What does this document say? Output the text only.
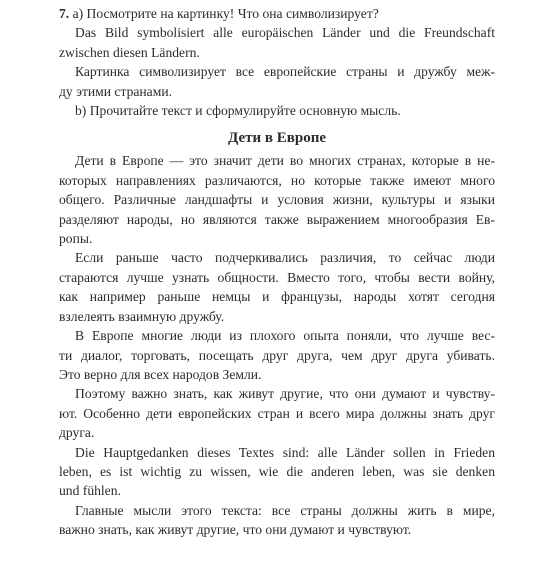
7. а) Посмотрите на картинку! Что она символизирует?
Das Bild symbolisiert alle europäischen Länder und die Freundschaft
zwischen diesen Ländern.
Картинка символизирует все европейские страны и дружбу меж-
ду этими странами.
b) Прочитайте текст и сформулируйте основную мысль.
Дети в Европе
Дети в Европе — это значит дети во многих странах, которые в не-
которых направлениях различаются, но которые также имеют много
общего. Различные ландшафты и условия жизни, культуры и языки
разделяют народы, но являются также выражением многообразия Ев-
ропы.
Если раньше часто подчеркивались различия, то сейчас люди
стараются лучше узнать общности. Вместо того, чтобы вести войну,
как например раньше немцы и французы, народы хотят сегодня
взлелеять взаимную дружбу.
В Европе многие люди из плохого опыта поняли, что лучше вес-
ти диалог, торговать, посещать друг друга, чем друг друга убивать.
Это верно для всех народов Земли.
Поэтому важно знать, как живут другие, что они думают и чувству-
ют. Особенно дети европейских стран и всего мира должны знать друг
друга.
Die Hauptgedanken dieses Textes sind: alle Länder sollen in Frieden
leben, es ist wichtig zu wissen, wie die anderen leben, was sie denken
und fühlen.
Главные мысли этого текста: все страны должны жить в мире,
важно знать, как живут другие, что они думают и чувствуют.
